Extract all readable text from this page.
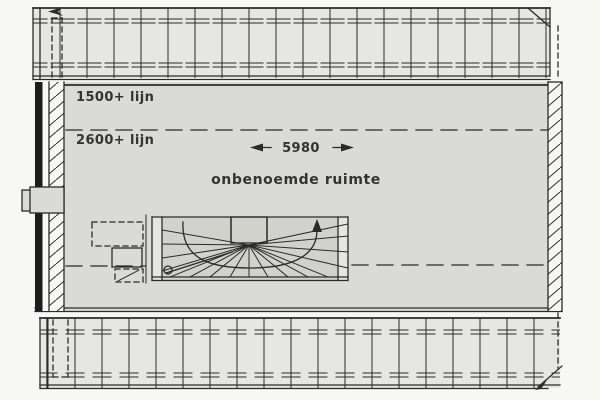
1500+ lijn
2600+ lijn
5980
onbenoemde ruimte
